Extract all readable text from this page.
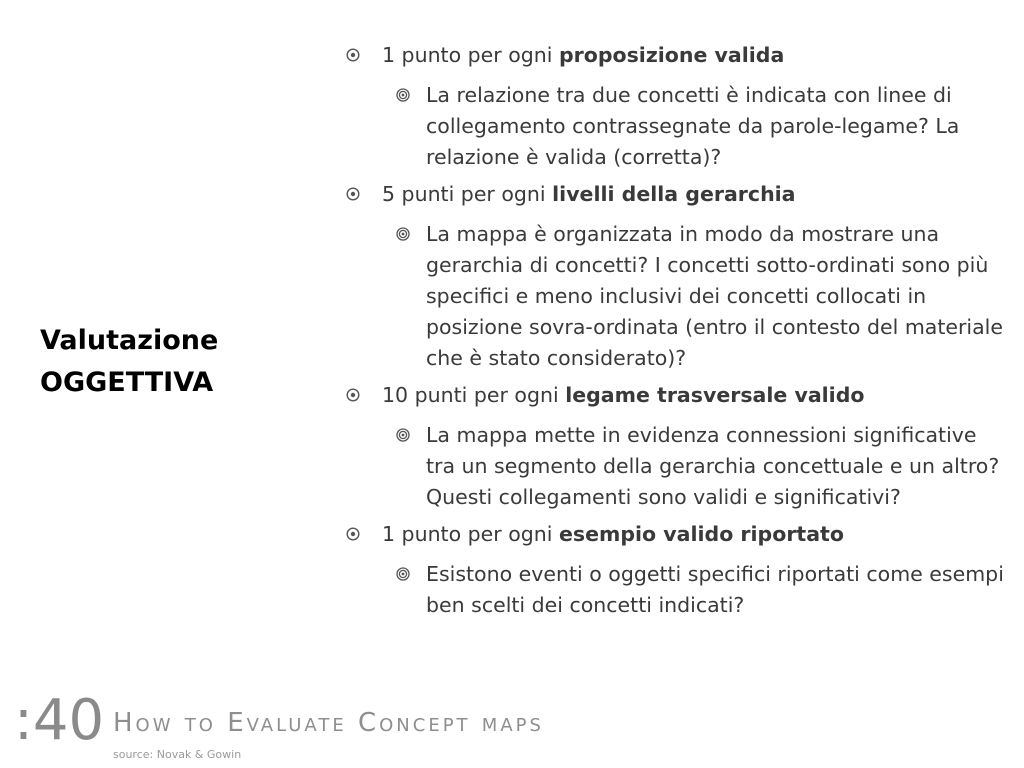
Valutazione
OGGETTIVA
1 punto per ogni proposizione valida
La relazione tra due concetti è indicata con linee di collegamento contrassegnate da parole-legame? La relazione è valida (corretta)?
5 punti per ogni livelli della gerarchia
La mappa è organizzata in modo da mostrare una gerarchia di concetti? I concetti sotto-ordinati sono più specifici e meno inclusivi dei concetti collocati in posizione sovra-ordinata (entro il contesto del materiale che è stato considerato)?
10 punti per ogni legame trasversale valido
La mappa mette in evidenza connessioni significative tra un segmento della gerarchia concettuale e un altro? Questi collegamenti sono validi e significativi?
1 punto per ogni esempio valido riportato
Esistono eventi o oggetti specifici riportati come esempi ben scelti dei concetti indicati?
:40 How to Evaluate Concept maps
source: Novak & Gowin
